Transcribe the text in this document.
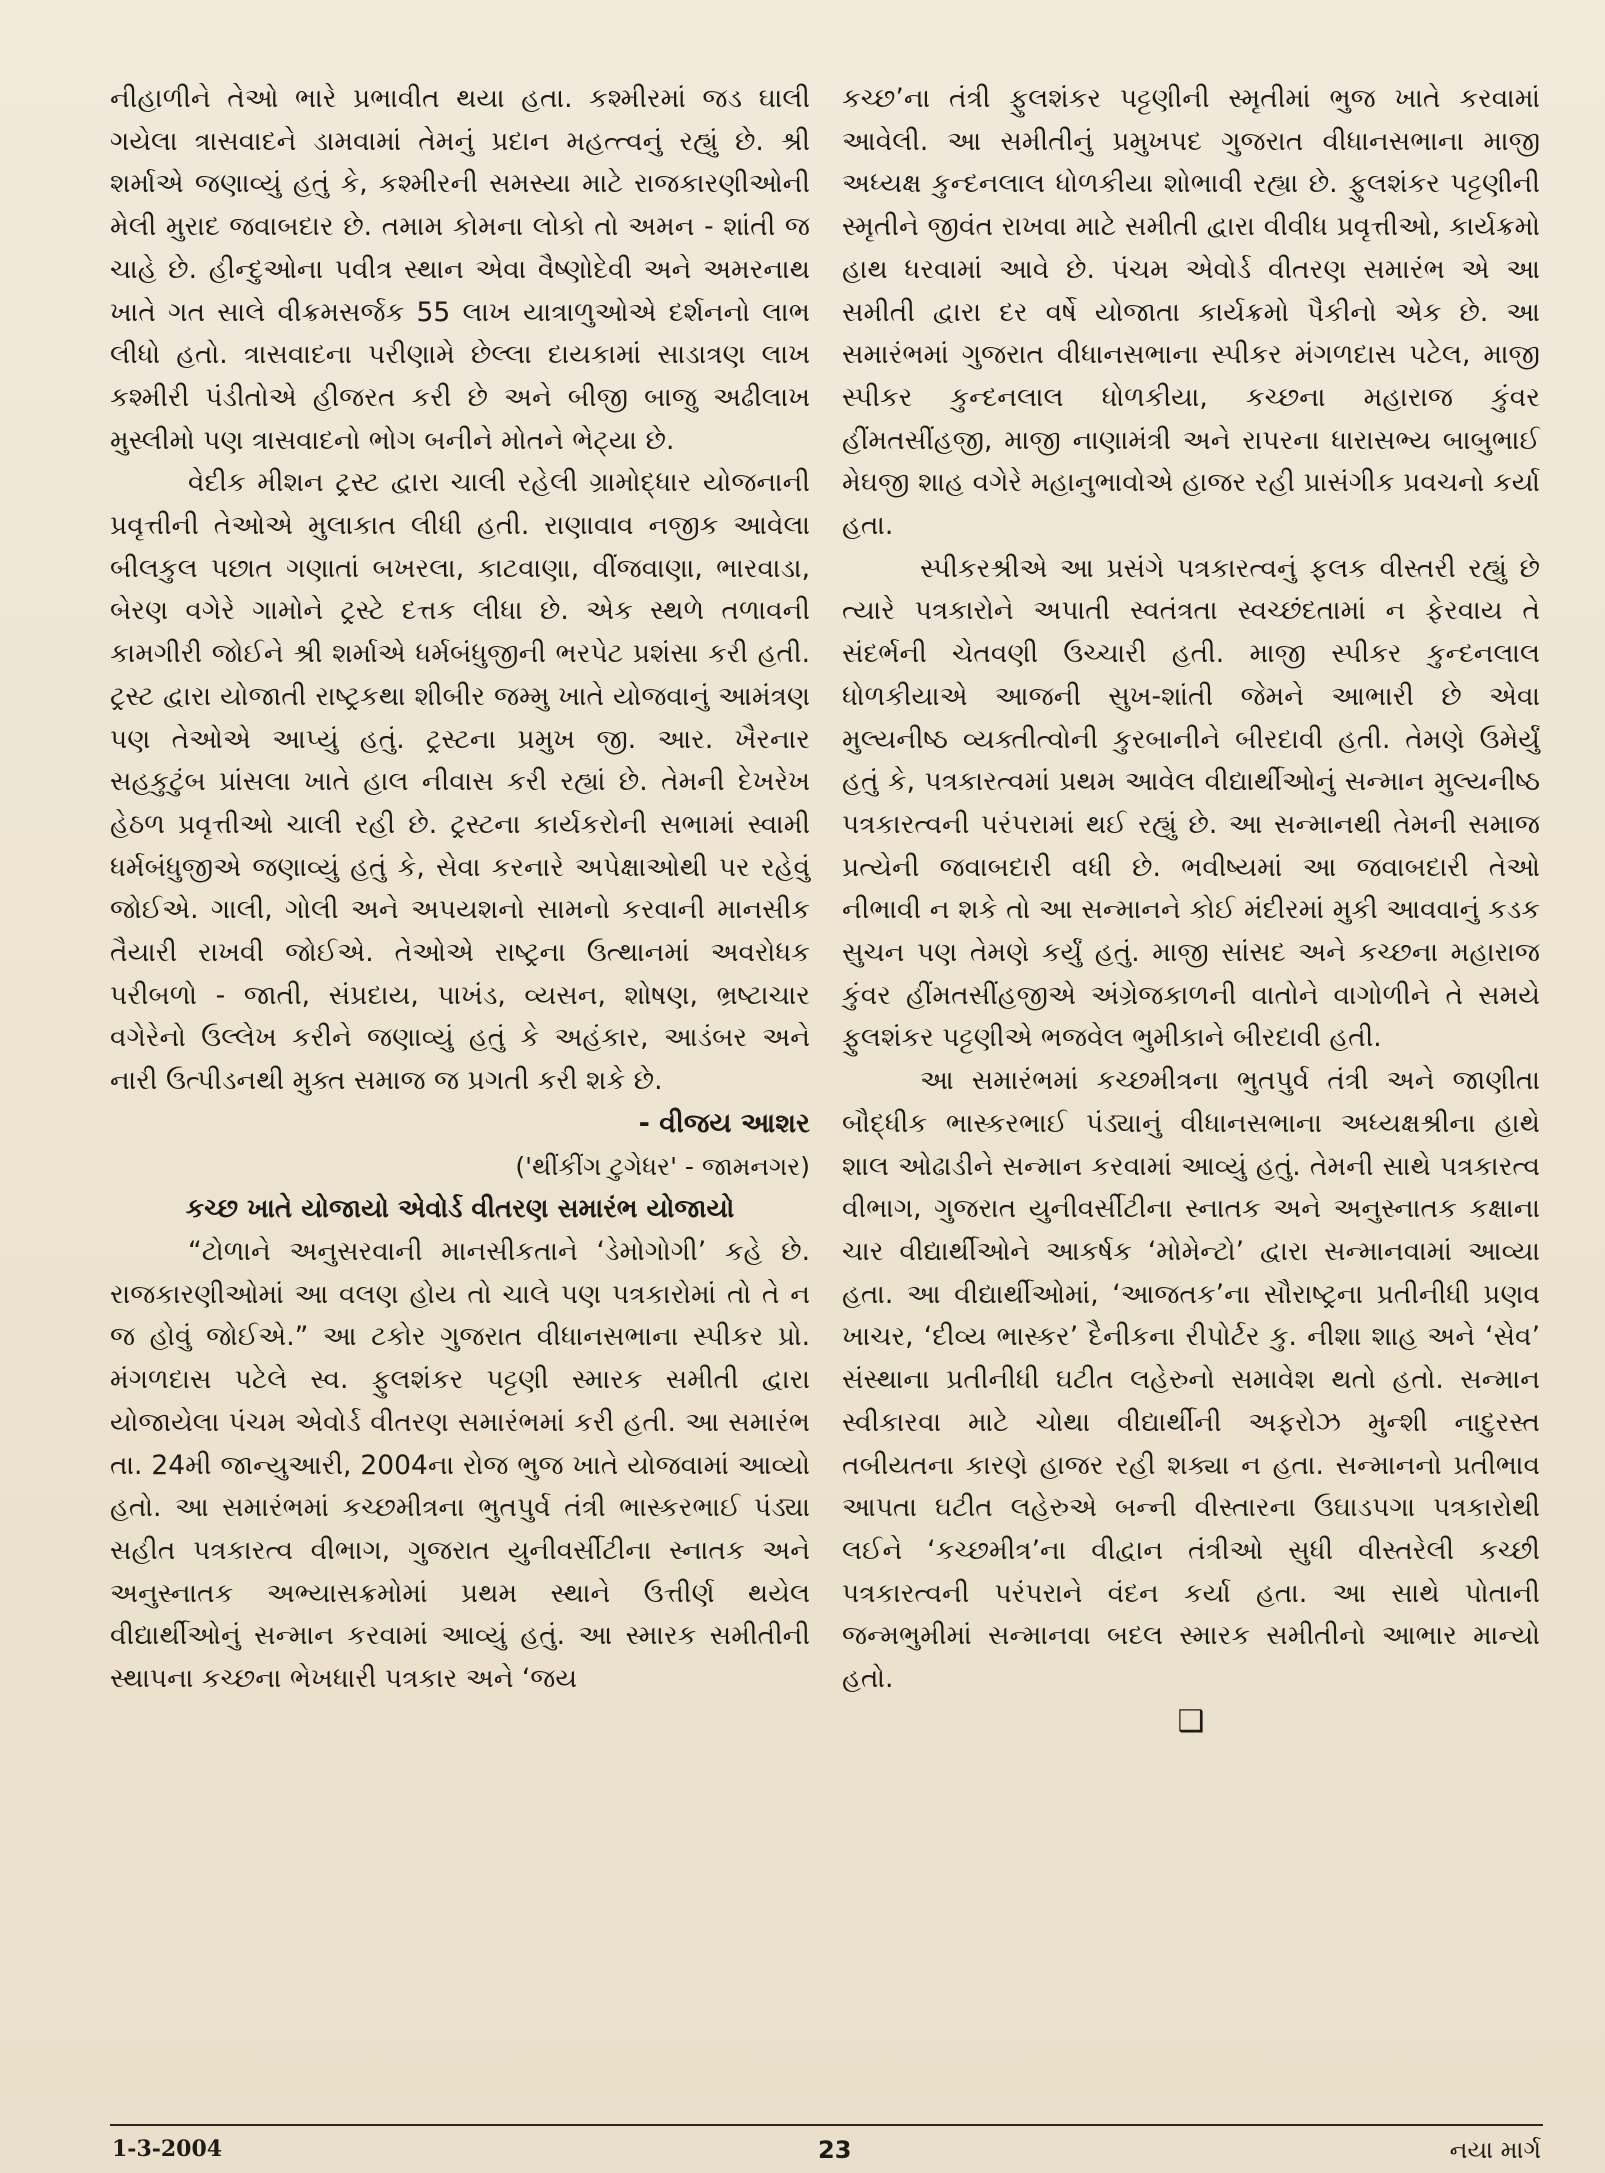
નીહાળીને તેઓ ભારે પ્રભાવીત થયા હતા. કશ્મીરમાં જડ ઘાલી ગયેલા ત્રાસવાદને ડામવામાં તેમનું પ્રદાન મહત્ત્વનું રહ્યું છે. શ્રી શર્માએ જણાવ્યું હતું કે, કશ્મીરની સમસ્યા માટે રાજકારણીઓની મેલી મુરાદ જવાબદાર છે. તમામ કોમના લોકો તો અમન - શાંતી જ ચાહે છે. હીન્દુઓના પવીત્ર સ્થાન એવા વૈષ્ણોદેવી અને અમરનાથ ખાતે ગત સાલે વીક્રમસર્જક 55 લાખ યાત્રાળુઓએ દર્શનનો લાભ લીધો હતો. ત્રાસવાદના પરીણામે છેલ્લા દાયકામાં સાડાત્રણ લાખ કશ્મીરી પંડીતોએ હીજરત કરી છે અને બીજી બાજુ અઢીલાખ મુસ્લીમો પણ ત્રાસવાદનો ભોગ બનીને મોતને ભેટ્યા છે.

વેદીક મીશન ટ્રસ્ટ દ્વારા ચાલી રહેલી ગ્રામોદ્ધાર યોજનાની પ્રવૃત્તીની તેઓએ મુલાકાત લીધી હતી. રાણાવાવ નજીક આવેલા બીલકુલ પછાત ગણાતાં બખરલા, કાટવાણા, વીંજવાણા, ભારવાડા, બેરણ વગેરે ગામોને ટ્રસ્ટે દત્તક લીધા છે. એક સ્થળે તળાવની કામગીરી જોઈને શ્રી શર્માએ ધર્મબંધુજીની ભરપેટ પ્રશંસા કરી હતી. ટ્રસ્ટ દ્વારા યોજાતી રાષ્ટ્રકથા શીબીર જમ્મુ ખાતે યોજવાનું આમંત્રણ પણ તેઓએ આપ્યું હતું. ટ્રસ્ટના પ્રમુખ જી. આર. ખૈરનાર સહકુટુંબ પ્રાંસલા ખાતે હાલ નીવાસ કરી રહ્યાં છે. તેમની દેખરેખ હેઠળ પ્રવૃત્તીઓ ચાલી રહી છે. ટ્રસ્ટના કાર્યકરોની સભામાં સ્વામી ધર્મબંધુજીએ જણાવ્યું હતું કે, સેવા કરનારે અપેક્ષાઓથી પર રહેવું જોઈએ. ગાલી, ગોલી અને અપયશનો સામનો કરવાની માનસીક તૈયારી રાખવી જોઈએ. તેઓએ રાષ્ટ્રના ઉત્થાનમાં અવરોધક પરીબળો - જાતી, સંપ્રદાય, પાખંડ, વ્યસન, શોષણ, ભ્રષ્ટાચાર વગેરેનો ઉલ્લેખ કરીને જણાવ્યું હતું કે અહંકાર, આડંબર અને નારી ઉત્પીડનથી મુક્ત સમાજ જ પ્રગતી કરી શકે છે.

- વીજય આશર

('થીંકીંગ ટુગેધર' - જામનગર)

કચ્છ ખાતે યોજાયો એવોર્ડ વીતરણ સમારંભ યોજાયો

“ટોળાને અનુસરવાની માનસીકતાને ‘ડેમોગોગી’ કહે છે. રાજકારણીઓમાં આ વલણ હોય તો ચાલે પણ પત્રકારોમાં તો તે ન જ હોવું જોઈએ.” આ ટકોર ગુજરાત વીધાનસભાના સ્પીકર પ્રો. મંગળદાસ પટેલે સ્વ. ફુલશંકર પટ્ટણી સ્મારક સમીતી દ્વારા યોજાયેલા પંચમ એવોર્ડ વીતરણ સમારંભમાં કરી હતી. આ સમારંભ તા. 24મી જાન્યુઆરી, 2004ના રોજ ભુજ ખાતે યોજવામાં આવ્યો હતો. આ સમારંભમાં કચ્છમીત્રના ભુતપુર્વ તંત્રી ભાસ્કરભાઈ પંડ્યા સહીત પત્રકારત્વ વીભાગ, ગુજરાત યુનીવર્સીટીના સ્નાતક અને અનુસ્નાતક અભ્યાસક્રમોમાં પ્રથમ સ્થાને ઉત્તીર્ણ થયેલ વીદ્યાર્થીઓનું સન્માન કરવામાં આવ્યું હતું. આ સ્મારક સમીતીની સ્થાપના કચ્છના ભેખધારી પત્રકાર અને ‘જય

કચ્છ’ના તંત્રી ફુલશંકર પટ્ટણીની સ્મૃતીમાં ભુજ ખાતે કરવામાં આવેલી. આ સમીતીનું પ્રમુખપદ ગુજરાત વીધાનસભાના માજી અધ્યક્ષ કુન્દનલાલ ધોળકીયા શોભાવી રહ્યા છે. ફુલશંકર પટ્ટણીની સ્મૃતીને જીવંત રાખવા માટે સમીતી દ્વારા વીવીધ પ્રવૃત્તીઓ, કાર્યક્રમો હાથ ધરવામાં આવે છે. પંચમ એવોર્ડ વીતરણ સમારંભ એ આ સમીતી દ્વારા દર વર્ષે યોજાતા કાર્યક્રમો પૈકીનો એક છે. આ સમારંભમાં ગુજરાત વીધાનસભાના સ્પીકર મંગળદાસ પટેલ, માજી સ્પીકર કુન્દનલાલ ધોળકીયા, કચ્છના મહારાજ કુંવર હીંમતસીંહજી, માજી નાણામંત્રી અને રાપરના ધારાસભ્ય બાબુભાઈ મેઘજી શાહ વગેરે મહાનુભાવોએ હાજર રહી પ્રાસંગીક પ્રવચનો કર્યા હતા.

સ્પીકરશ્રીએ આ પ્રસંગે પત્રકારત્વનું ફલક વીસ્તરી રહ્યું છે ત્યારે પત્રકારોને અપાતી સ્વતંત્રતા સ્વચ્છંદતામાં ન ફેરવાય તે સંદર્ભની ચેતવણી ઉચ્ચારી હતી. માજી સ્પીકર કુન્દનલાલ ધોળકીયાએ આજની સુખ-શાંતી જેમને આભારી છે એવા મુલ્યનીષ્ઠ વ્યક્તીત્વોની કુરબાનીને બીરદાવી હતી. તેમણે ઉમેર્યું હતું કે, પત્રકારત્વમાં પ્રથમ આવેલ વીદ્યાર્થીઓનું સન્માન મુલ્યનીષ્ઠ પત્રકારત્વની પરંપરામાં થઈ રહ્યું છે. આ સન્માનથી તેમની સમાજ પ્રત્યેની જવાબદારી વધી છે. ભવીષ્યમાં આ જવાબદારી તેઓ નીભાવી ન શકે તો આ સન્માનને કોઈ મંદીરમાં મુકી આવવાનું કડક સુચન પણ તેમણે કર્યું હતું. માજી સાંસદ અને કચ્છના મહારાજ કુંવર હીંમતસીંહજીએ અંગ્રેજકાળની વાતોને વાગોળીને તે સમયે ફુલશંકર પટ્ટણીએ ભજવેલ ભુમીકાને બીરદાવી હતી.

આ સમારંભમાં કચ્છમીત્રના ભુતપુર્વ તંત્રી અને જાણીતા બૌદ્ધીક ભાસ્કરભાઈ પંડ્યાનું વીધાનસભાના અધ્યક્ષશ્રીના હાથે શાલ ઓઢાડીને સન્માન કરવામાં આવ્યું હતું. તેમની સાથે પત્રકારત્વ વીભાગ, ગુજરાત યુનીવર્સીટીના સ્નાતક અને અનુસ્નાતક કક્ષાના ચાર વીદ્યાર્થીઓને આકર્ષક ‘મોમેન્ટો’ દ્વારા સન્માનવામાં આવ્યા હતા. આ વીદ્યાર્થીઓમાં, ‘આજતક’ના સૌરાષ્ટ્રના પ્રતીનીધી પ્રણવ ખાચર, ‘દીવ્ય ભાસ્કર’ દૈનીકના રીપોર્ટર કુ. નીશા શાહ અને ‘સેવ’ સંસ્થાના પ્રતીનીધી ઘટીત લહેરુનો સમાવેશ થતો હતો. સન્માન સ્વીકારવા માટે ચોથા વીદ્યાર્થીની અફરોઝ મુન્શી નાદુરસ્ત તબીયતના કારણે હાજર રહી શક્યા ન હતા. સન્માનનો પ્રતીભાવ આપતા ઘટીત લહેરુએ બન્ની વીસ્તારના ઉઘાડપગા પત્રકારોથી લઈને ‘કચ્છમીત્ર’ના વીદ્વાન તંત્રીઓ સુધી વીસ્તરેલી કચ્છી પત્રકારત્વની પરંપરાને વંદન કર્યા હતા. આ સાથે પોતાની જન્મભુમીમાં સન્માનવા બદલ સ્મારક સમીતીનો આભાર માન્યો હતો.

❑

1-3-2004	23	નયા માર્ગ
